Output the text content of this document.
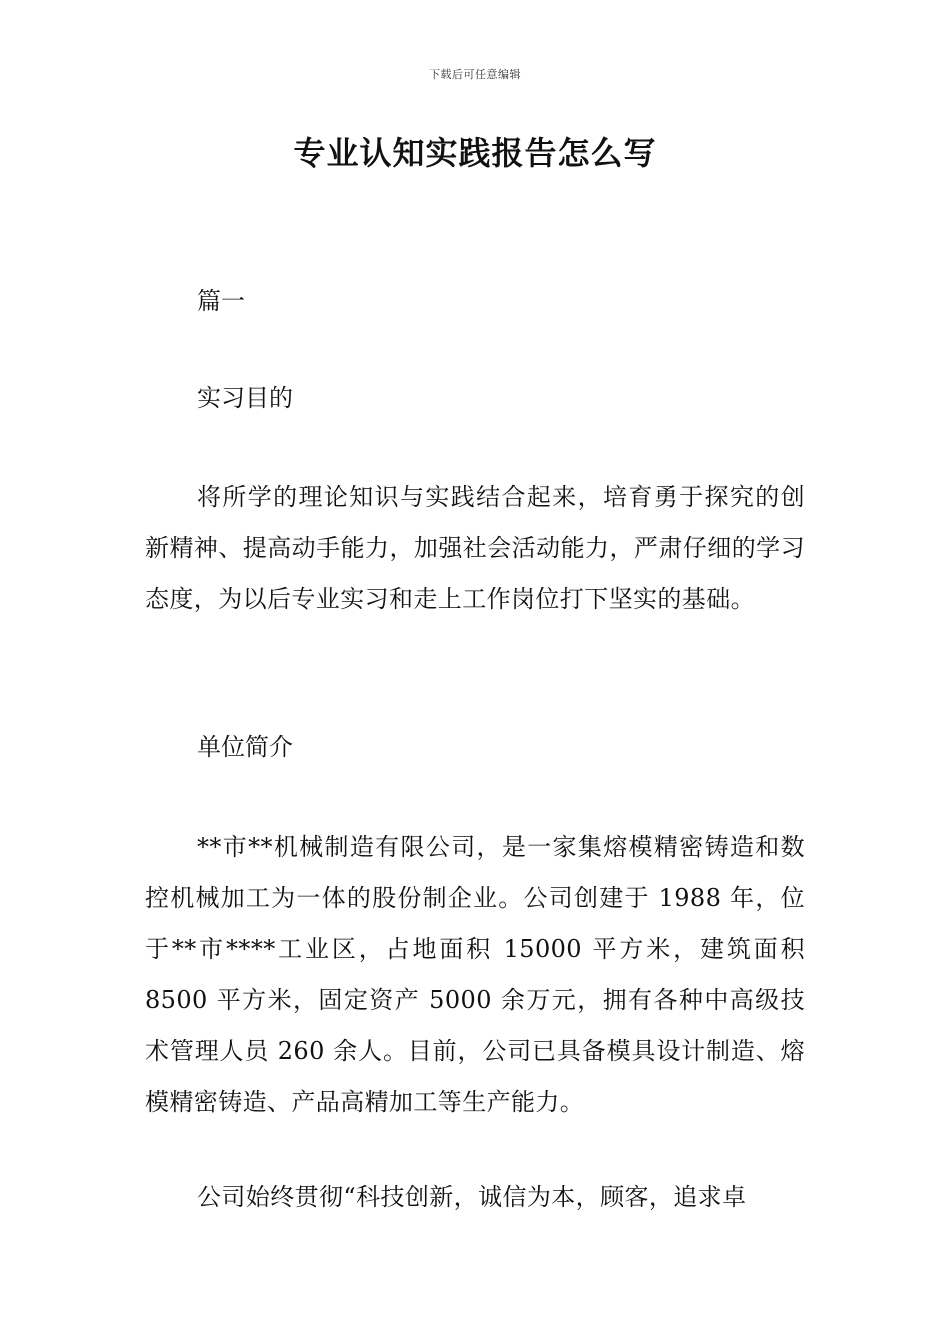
下载后可任意编辑
专业认知实践报告怎么写

篇一

实习目的

将所学的理论知识与实践结合起来，培育勇于探究的创新精神、提高动手能力，加强社会活动能力，严肃仔细的学习态度，为以后专业实习和走上工作岗位打下坚实的基础。

单位简介

**市**机械制造有限公司，是一家集熔模精密铸造和数控机械加工为一体的股份制企业。公司创建于 1988 年，位于**市****工业区，占地面积 15000 平方米，建筑面积 8500 平方米，固定资产 5000 余万元，拥有各种中高级技术管理人员 260 余人。目前，公司已具备模具设计制造、熔模精密铸造、产品高精加工等生产能力。

公司始终贯彻“科技创新，诚信为本，顾客，追求卓
